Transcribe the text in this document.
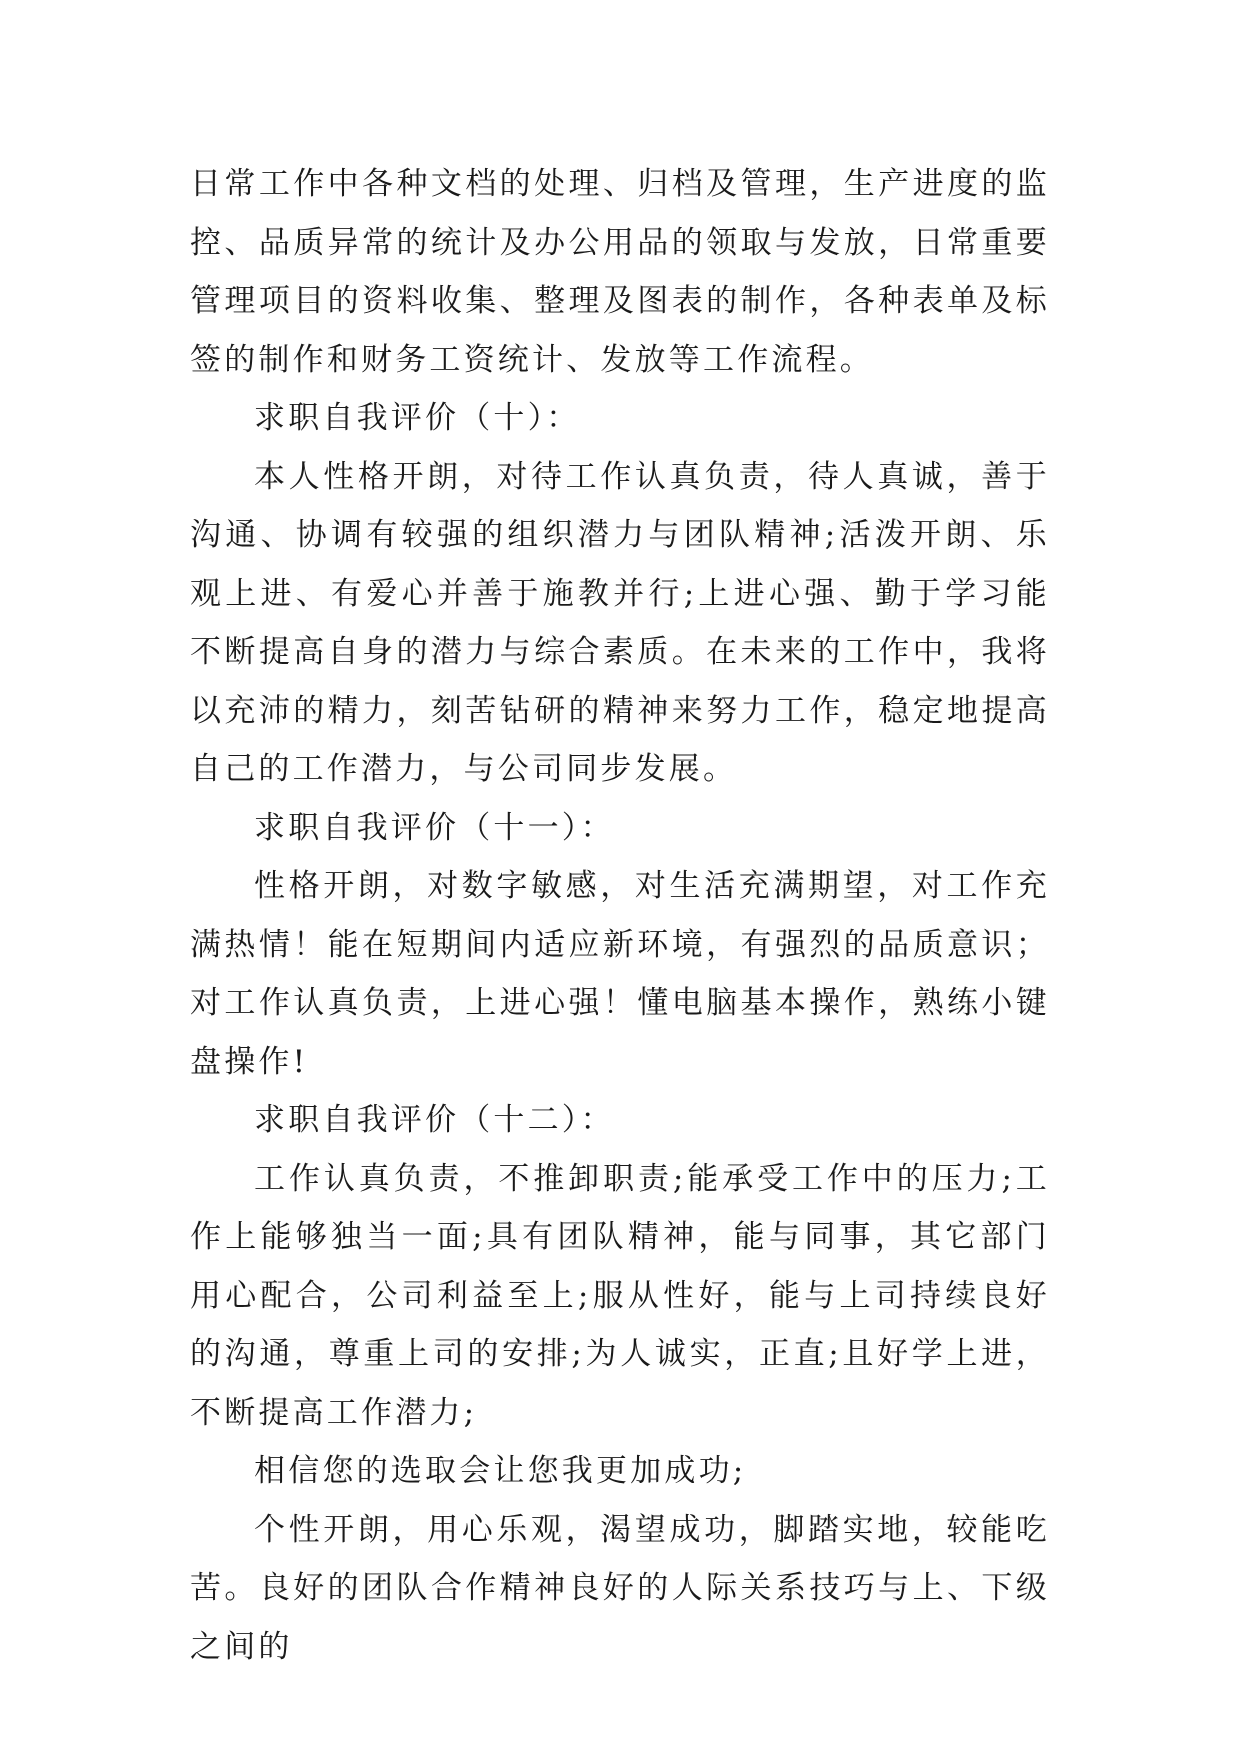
日常工作中各种文档的处理、归档及管理，生产进度的监控、品质异常的统计及办公用品的领取与发放，日常重要管理项目的资料收集、整理及图表的制作，各种表单及标签的制作和财务工资统计、发放等工作流程。

求职自我评价（十）：

本人性格开朗，对待工作认真负责，待人真诚，善于沟通、协调有较强的组织潜力与团队精神;活泼开朗、乐观上进、有爱心并善于施教并行;上进心强、勤于学习能不断提高自身的潜力与综合素质。在未来的工作中，我将以充沛的精力，刻苦钻研的精神来努力工作，稳定地提高自己的工作潜力，与公司同步发展。

求职自我评价（十一）：

性格开朗，对数字敏感，对生活充满期望，对工作充满热情！能在短期间内适应新环境，有强烈的品质意识；对工作认真负责，上进心强！懂电脑基本操作，熟练小键盘操作!

求职自我评价（十二）：

工作认真负责，不推卸职责;能承受工作中的压力;工作上能够独当一面;具有团队精神，能与同事，其它部门用心配合，公司利益至上;服从性好，能与上司持续良好的沟通，尊重上司的安排;为人诚实，正直;且好学上进，不断提高工作潜力;

相信您的选取会让您我更加成功;

个性开朗，用心乐观，渴望成功，脚踏实地，较能吃苦。良好的团队合作精神良好的人际关系技巧与上、下级之间的
